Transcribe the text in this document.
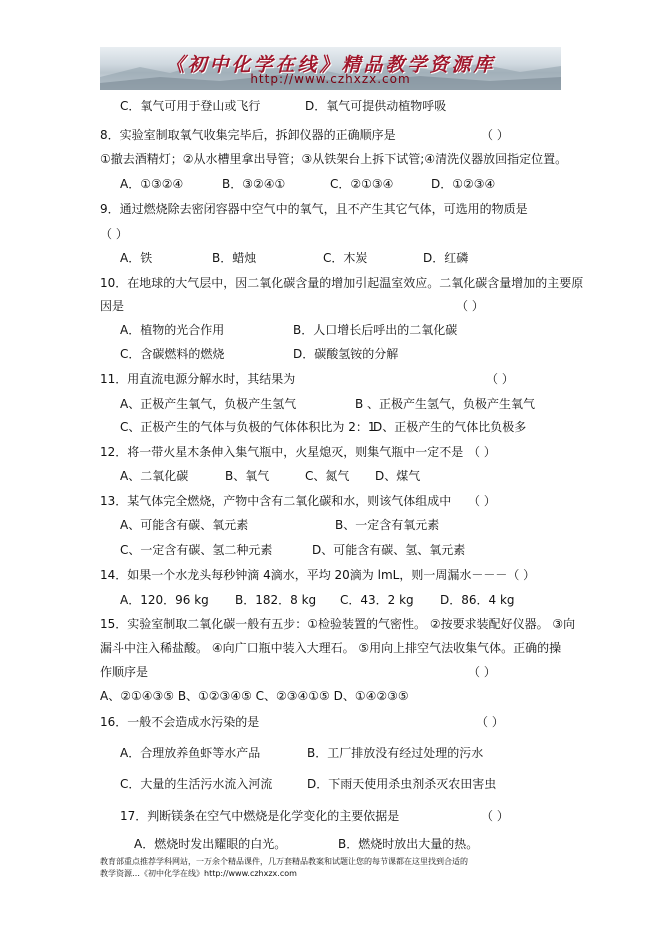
《初中化学在线》精品教学资源库
http://www.czhxzx.com
C．氧气可用于登山或飞行	D．氧气可提供动植物呼吸
8．实验室制取氧气收集完毕后，拆卸仪器的正确顺序是	（ ）
①撤去酒精灯；②从水槽里拿出导管；③从铁架台上拆下试管;④清洗仪器放回指定位置。
A．①③②④	B．③②④①	C．②①③④	D．①②③④
9．通过燃烧除去密闭容器中空气中的氧气，且不产生其它气体，可选用的物质是
（ ）
A．铁	B．蜡烛	C．木炭	D．红磷
10．在地球的大气层中，因二氧化碳含量的增加引起温室效应。二氧化碳含量增加的主要原
因是	（ ）
A．植物的光合作用	B．人口增长后呼出的二氧化碳
C．含碳燃料的燃烧	D．碳酸氢铵的分解
11．用直流电源分解水时，其结果为	（ ）
A、正极产生氧气，负极产生氢气	B 、正极产生氢气，负极产生氧气
C、正极产生的气体与负极的气体体积比为 2：1
D、正极产生的气体比负极多
12．将一带火星木条伸入集气瓶中，火星熄灭，则集气瓶中一定不是 （ ）
A、二氧化碳	B、氧气	C、氮气 D、煤气
13．某气体完全燃烧，产物中含有二氧化碳和水，则该气体组成中 （ ）
A、可能含有碳、氧元素	B、一定含有氧元素
C、一定含有碳、氢二种元素	D、可能含有碳、氢、氧元素
14．如果一个水龙头每秒钟滴 4滴水，平均 20滴为 lmL，则一周漏水－－－（ ）
A．120．96 kg B．182．8 kg C．43．2 kg D．86．4 kg
15．实验室制取二氧化碳一般有五步：①检验装置的气密性。 ②按要求装配好仪器。 ③向
漏斗中注入稀盐酸。 ④向广口瓶中装入大理石。 ⑤用向上排空气法收集气体。正确的操
作顺序是	（ ）
A、②①④③⑤ B、①②③④⑤ C、②③④①⑤ D、①④②③⑤
16．一般不会造成水污染的是	（ ）
A．合理放养鱼虾等水产品	B．工厂排放没有经过处理的污水
C．大量的生活污水流入河流	D．下雨天使用杀虫剂杀灭农田害虫
17．判断镁条在空气中燃烧是化学变化的主要依据是	（ ）
A．燃烧时发出耀眼的白光。	B．燃烧时放出大量的热。
教育部重点推荐学科网站，一万余个精品课件，几万套精品教案和试题让您的每节课都在这里找到合适的
教学资源…《初中化学在线》http://www.czhxzx.com
